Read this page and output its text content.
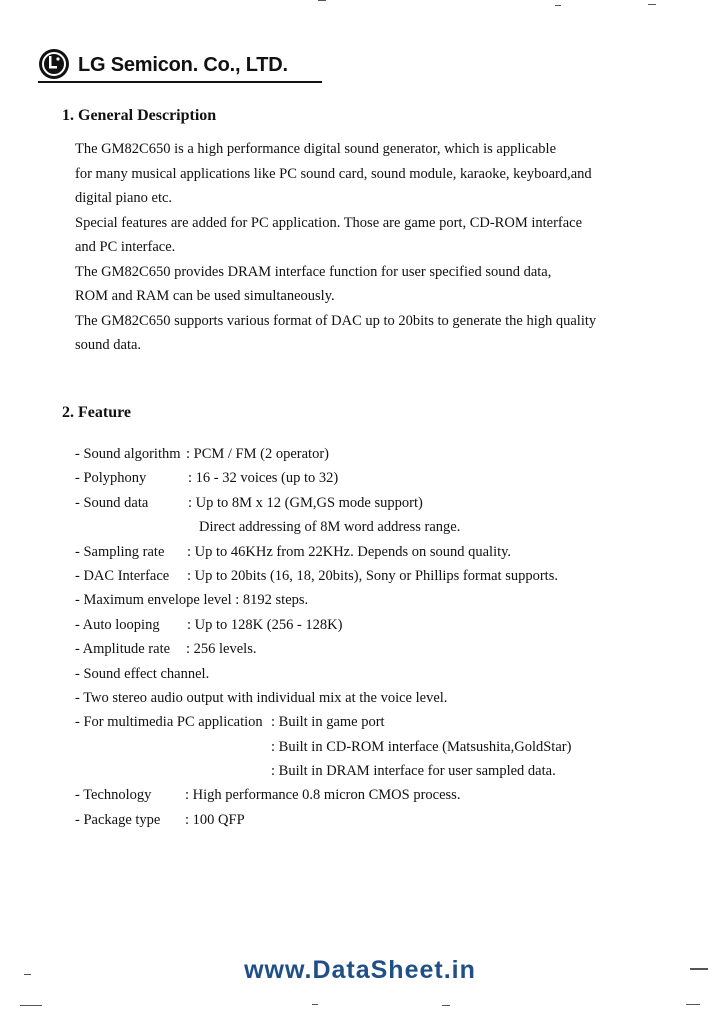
LG Semicon. Co., LTD.
1. General Description
The GM82C650 is a high performance digital sound generator, which is applicable
for many musical applications like PC sound card, sound module, karaoke, keyboard,and
digital piano etc.
Special features are added for PC application. Those are game port, CD-ROM interface
and PC interface.
The GM82C650 provides DRAM interface function for user specified sound data,
ROM and RAM can be used simultaneously.
The GM82C650 supports various format of DAC up to 20bits to generate the high quality
sound data.
2. Feature
- Sound algorithm : PCM / FM (2 operator)
- Polyphony	: 16 - 32 voices (up to 32)
- Sound data	: Up to 8M x 12 (GM,GS mode support)
Direct addressing of 8M word address range.
- Sampling rate : Up to 46KHz from 22KHz. Depends on sound quality.
- DAC Interface : Up to 20bits (16, 18, 20bits), Sony or Phillips format supports.
- Maximum envelope level : 8192 steps.
- Auto looping : Up to 128K (256 - 128K)
- Amplitude rate : 256 levels.
- Sound effect channel.
- Two stereo audio output with individual mix at the voice level.
- For multimedia PC application : Built in game port
: Built in CD-ROM interface (Matsushita,GoldStar)
: Built in DRAM interface for user sampled data.
- Technology : High performance 0.8 micron CMOS process.
- Package type : 100 QFP
www.DataSheet.in
